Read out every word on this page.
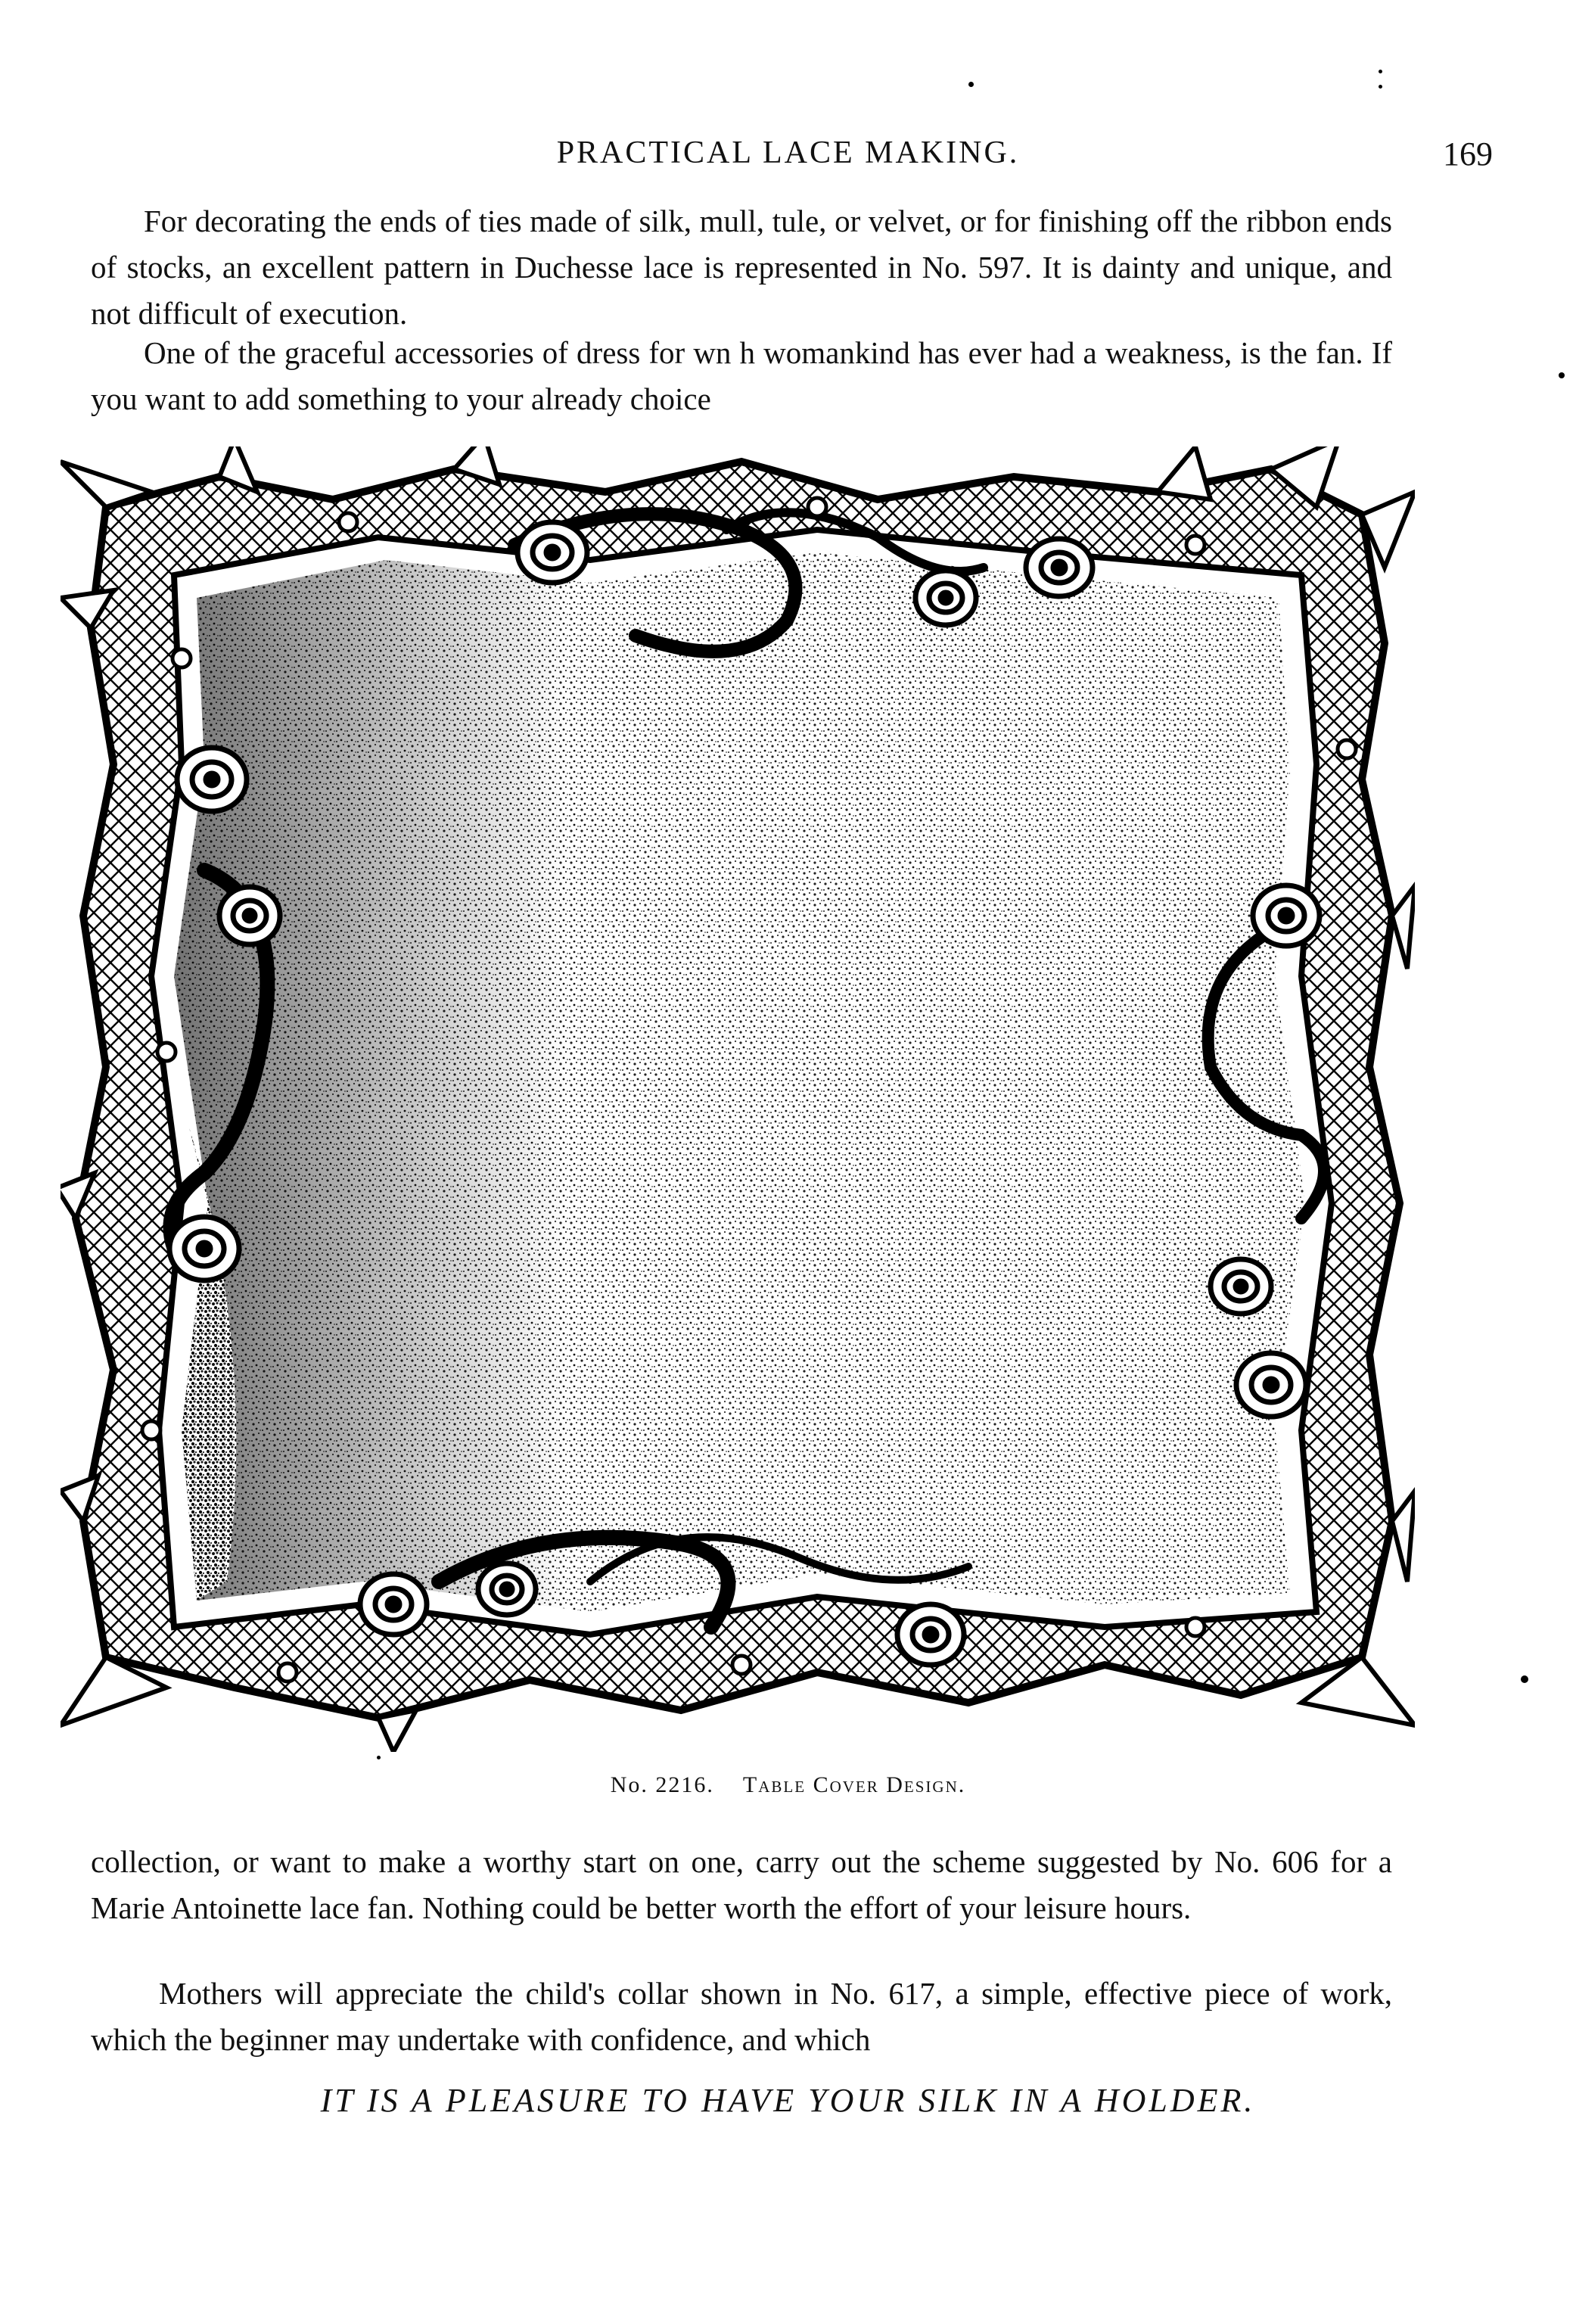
PRACTICAL LACE MAKING.	169

For decorating the ends of ties made of silk, mull, tule, or velvet, or for finishing off the ribbon ends of stocks, an excellent pattern in Duchesse lace is represented in No. 597. It is dainty and unique, and not difficult of execution.

One of the graceful accessories of dress for wn h womankind has ever had a weakness, is the fan. If you want to add something to your already choice

No. 2216. Table Cover Design.

collection, or want to make a worthy start on one, carry out the scheme suggested by No. 606 for a Marie Antoinette lace fan. Nothing could be better worth the effort of your leisure hours.

Mothers will appreciate the child's collar shown in No. 617, a simple, effective piece of work, which the beginner may undertake with confidence, and which

IT IS A PLEASURE TO HAVE YOUR SILK IN A HOLDER.
